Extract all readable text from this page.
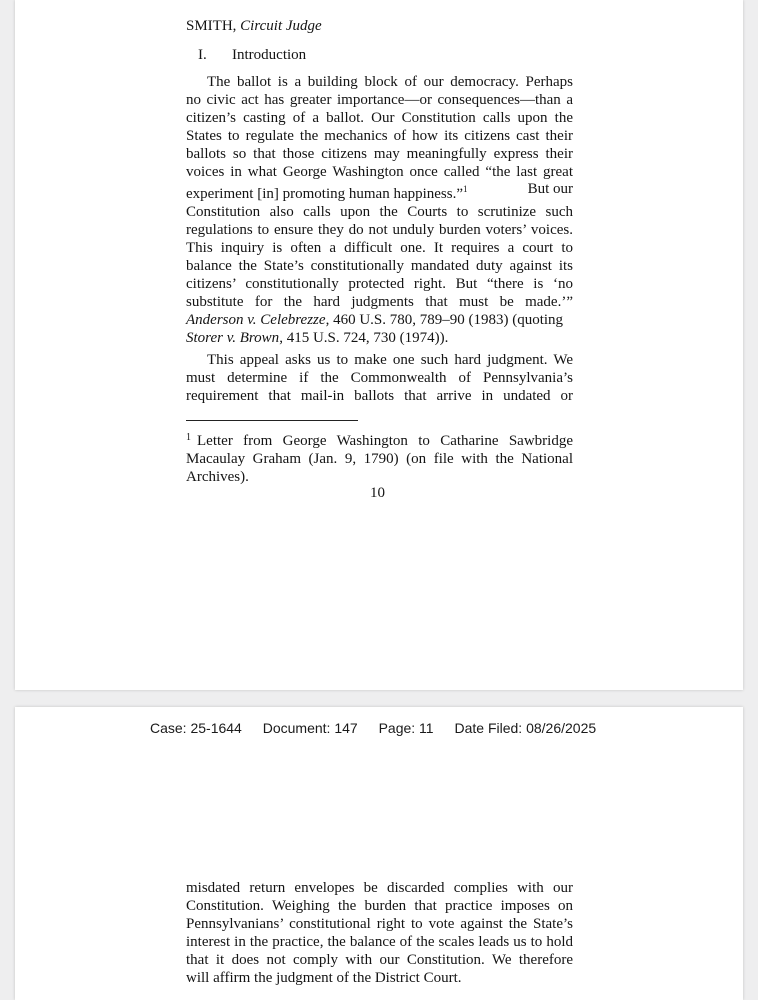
SMITH, Circuit Judge
I. Introduction
The ballot is a building block of our democracy. Perhaps
no civic act has greater importance—or consequences—than a
citizen’s casting of a ballot. Our Constitution calls upon the
States to regulate the mechanics of how its citizens cast their
ballots so that those citizens may meaningfully express their
voices in what George Washington once called “the last great
experiment [in] promoting human happiness.”$^1$	But our
Constitution also calls upon the Courts to scrutinize such
regulations to ensure they do not unduly burden voters’ voices.
This inquiry is often a difficult one. It requires a court to
balance the State’s constitutionally mandated duty against its
citizens’ constitutionally protected right. But “there is ‘no
substitute for the hard judgments that must be made.’”
Anderson v. Celebrezze, 460 U.S. 780, 789–90 (1983) (quoting
Storer v. Brown, 415 U.S. 724, 730 (1974)).
This appeal asks us to make one such hard judgment. We
must determine if the Commonwealth of Pennsylvania’s
requirement that mail-in ballots that arrive in undated or
$^1$ Letter from George Washington to Catharine Sawbridge
Macaulay Graham (Jan. 9, 1790) (on file with the National
Archives).
10
Case: 25-1644 Document: 147 Page: 11 Date Filed: 08/26/2025
misdated return envelopes be discarded complies with our
Constitution. Weighing the burden that practice imposes on
Pennsylvanians’ constitutional right to vote against the State’s
interest in the practice, the balance of the scales leads us to hold
that it does not comply with our Constitution. We therefore
will affirm the judgment of the District Court.
